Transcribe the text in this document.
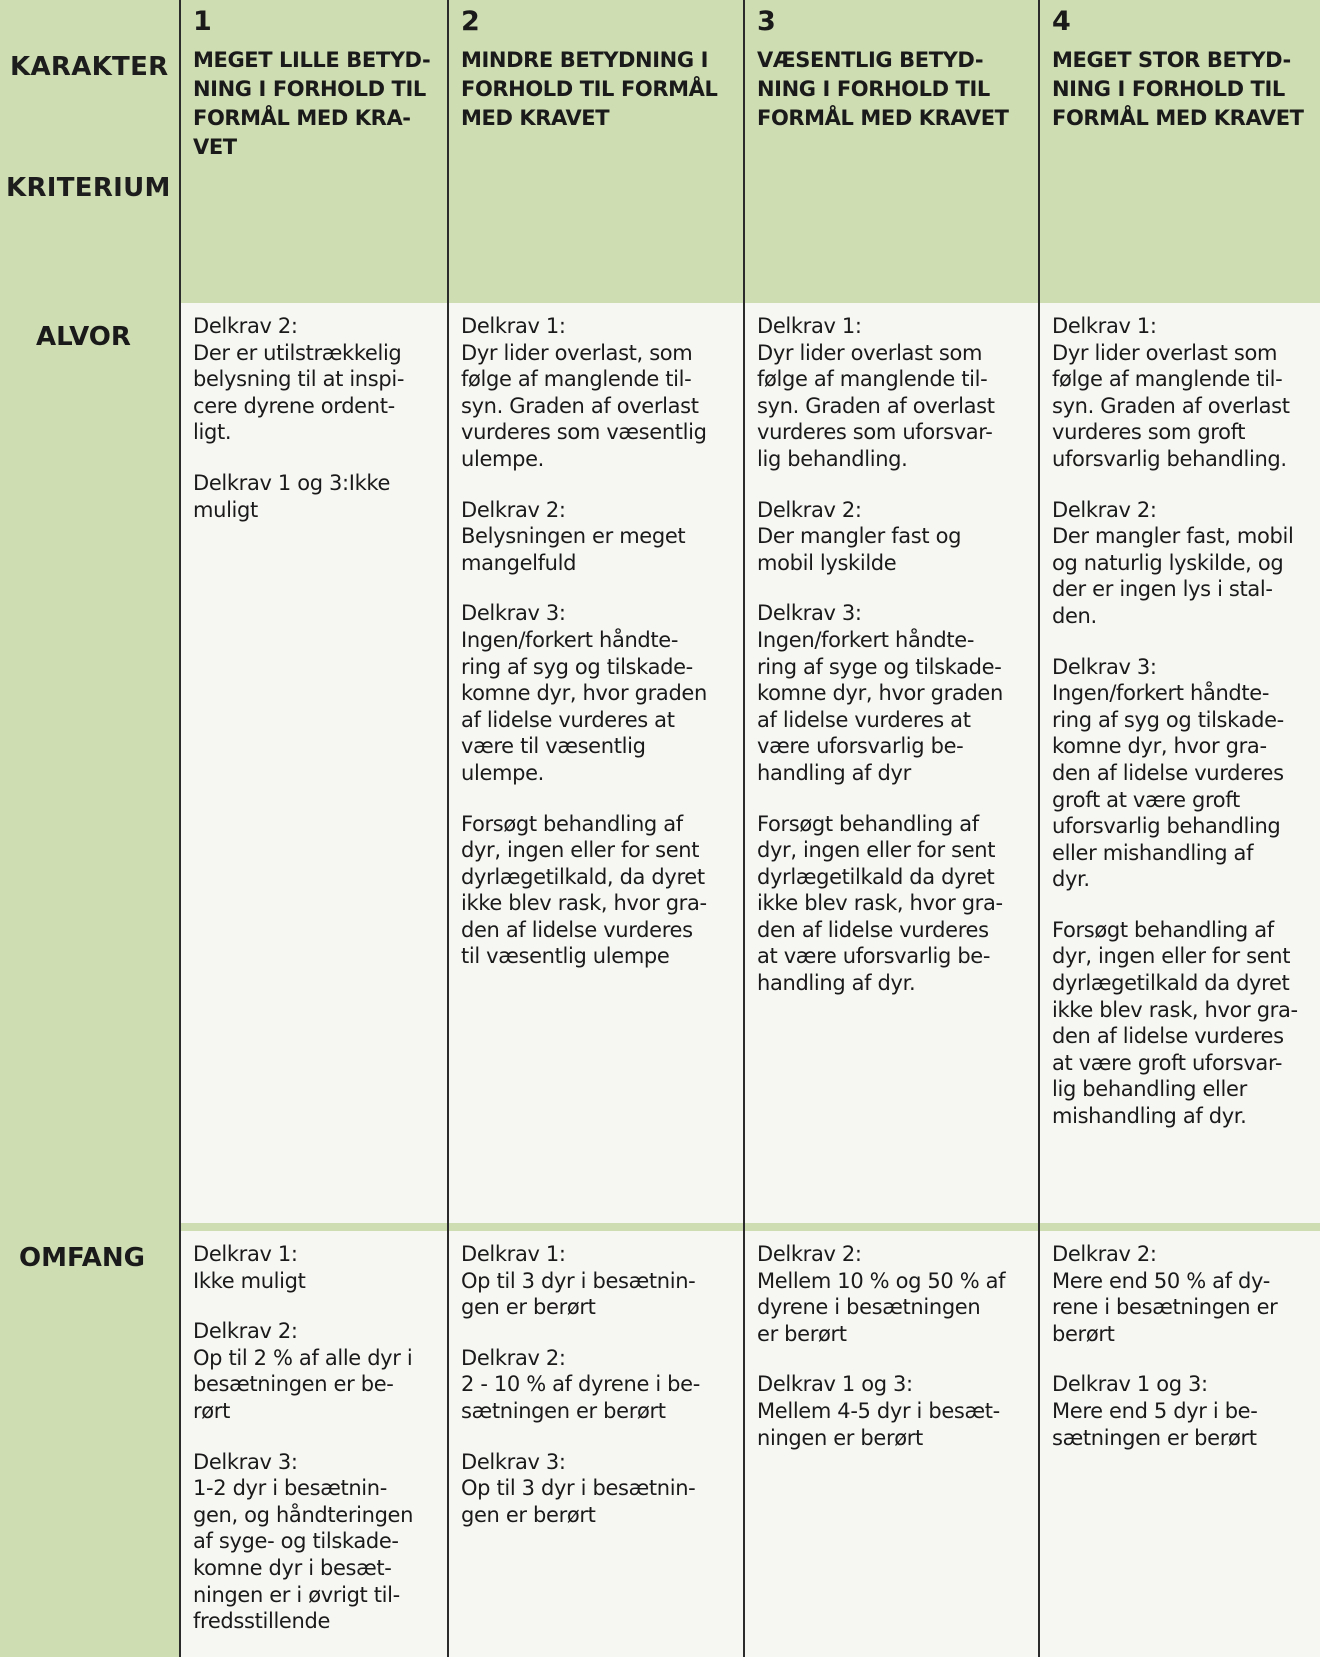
KARAKTER
KRITERIUM
1
MEGET LILLE BETYD-
NING I FORHOLD TIL
FORMÅL MED KRA-
VET
2
MINDRE BETYDNING I
FORHOLD TIL FORMÅL
MED KRAVET
3
VÆSENTLIG BETYD-
NING I FORHOLD TIL
FORMÅL MED KRAVET
4
MEGET STOR BETYD-
NING I FORHOLD TIL
FORMÅL MED KRAVET
ALVOR
OMFANG
Delkrav 2:
Der er utilstrækkelig
belysning til at inspi-
cere dyrene ordent-
ligt.
Delkrav 1 og 3:Ikke
muligt
Delkrav 1:
Dyr lider overlast, som
følge af manglende til-
syn. Graden af overlast
vurderes som væsentlig
ulempe.
Delkrav 2:
Belysningen er meget
mangelfuld
Delkrav 3:
Ingen/forkert håndte-
ring af syg og tilskade-
komne dyr, hvor graden
af lidelse vurderes at
være til væsentlig
ulempe.
Forsøgt behandling af
dyr, ingen eller for sent
dyrlægetilkald, da dyret
ikke blev rask, hvor gra-
den af lidelse vurderes
til væsentlig ulempe
Delkrav 1:
Dyr lider overlast som
følge af manglende til-
syn. Graden af overlast
vurderes som uforsvar-
lig behandling.
Delkrav 2:
Der mangler fast og
mobil lyskilde
Delkrav 3:
Ingen/forkert håndte-
ring af syge og tilskade-
komne dyr, hvor graden
af lidelse vurderes at
være uforsvarlig be-
handling af dyr
Forsøgt behandling af
dyr, ingen eller for sent
dyrlægetilkald da dyret
ikke blev rask, hvor gra-
den af lidelse vurderes
at være uforsvarlig be-
handling af dyr.
Delkrav 1:
Dyr lider overlast som
følge af manglende til-
syn. Graden af overlast
vurderes som groft
uforsvarlig behandling.
Delkrav 2:
Der mangler fast, mobil
og naturlig lyskilde, og
der er ingen lys i stal-
den.
Delkrav 3:
Ingen/forkert håndte-
ring af syg og tilskade-
komne dyr, hvor gra-
den af lidelse vurderes
groft at være groft
uforsvarlig behandling
eller mishandling af
dyr.
Forsøgt behandling af
dyr, ingen eller for sent
dyrlægetilkald da dyret
ikke blev rask, hvor gra-
den af lidelse vurderes
at være groft uforsvar-
lig behandling eller
mishandling af dyr.
Delkrav 1:
Ikke muligt
Delkrav 2:
Op til 2 % af alle dyr i
besætningen er be-
rørt
Delkrav 3:
1-2 dyr i besætnin-
gen, og håndteringen
af syge- og tilskade-
komne dyr i besæt-
ningen er i øvrigt til-
fredsstillende
Delkrav 1:
Op til 3 dyr i besætnin-
gen er berørt
Delkrav 2:
2 - 10 % af dyrene i be-
sætningen er berørt
Delkrav 3:
Op til 3 dyr i besætnin-
gen er berørt
Delkrav 2:
Mellem 10 % og 50 % af
dyrene i besætningen
er berørt
Delkrav 1 og 3:
Mellem 4-5 dyr i besæt-
ningen er berørt
Delkrav 2:
Mere end 50 % af dy-
rene i besætningen er
berørt
Delkrav 1 og 3:
Mere end 5 dyr i be-
sætningen er berørt
